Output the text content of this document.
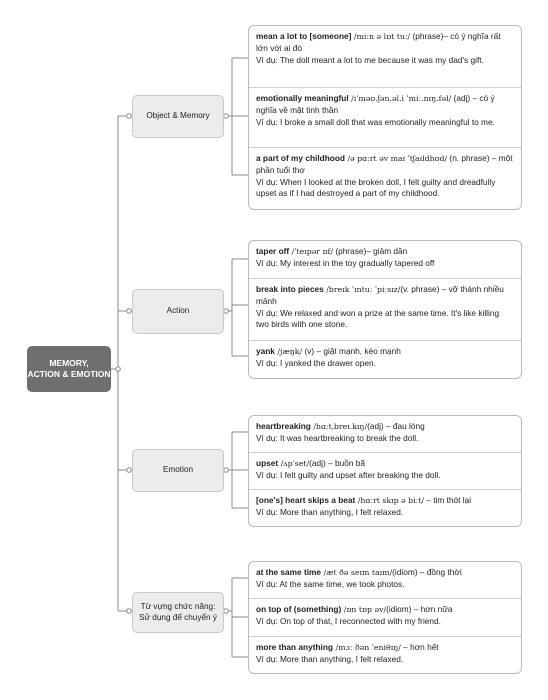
MEMORY,
ACTION & EMOTION
Object & Memory
Action
Emotion
Từ vựng chức năng:
Sử dụng để chuyển ý
mean a lot to [someone] /miːn ə lɒt tuː/ (phrase)– có ý nghĩa rất lớn với ai đó
Ví dụ: The doll meant a lot to me because it was my dad's gift.
emotionally meaningful /ɪˈməʊ.ʃən.əl.i ˈmiː.nɪŋ.fəl/ (adj) – có ý nghĩa về mặt tinh thần
Ví dụ: I broke a small doll that was emotionally meaningful to me.
a part of my childhood /ə pɑːrt əv maɪ ˈtʃaɪldhʊd/ (n. phrase) – một phần tuổi thơ
Ví dụ: When I looked at the broken doll, I felt guilty and dreadfully upset as if I had destroyed a part of my childhood.
taper off /ˈteɪpər ɒf/ (phrase)– giảm dần
Ví dụ: My interest in the toy gradually tapered off
break into pieces /breɪk ˈɪntuː ˈpiːsɪz/(v. phrase) – vỡ thành nhiều mảnh
Ví dụ: We relaxed and won a prize at the same time. It's like killing two birds with one stone.
yank /jæŋk/ (v) – giật mạnh, kéo mạnh
Ví dụ: I yanked the drawer open.
heartbreaking /hɑːtˌbreɪ.kɪŋ/(adj) – đau lòng
Ví dụ: It was heartbreaking to break the doll.
upset /ʌpˈset/(adj) – buồn bã
Ví dụ: I felt guilty and upset after breaking the doll.
[one's] heart skips a beat /hɑːrt skɪp ə biːt/ – tim thót lại
Ví dụ: More than anything, I felt relaxed.
at the same time /æt ðə seɪm taɪm/(idiom) – đồng thời
Ví dụ: At the same time, we took photos.
on top of (something) /ɒn tɒp əv/(idiom) – hơn nữa
Ví dụ: On top of that, I reconnected with my friend.
more than anything /mɔː ðən ˈeniθɪŋ/ – hơn hết
Ví dụ: More than anything, I felt relaxed.
